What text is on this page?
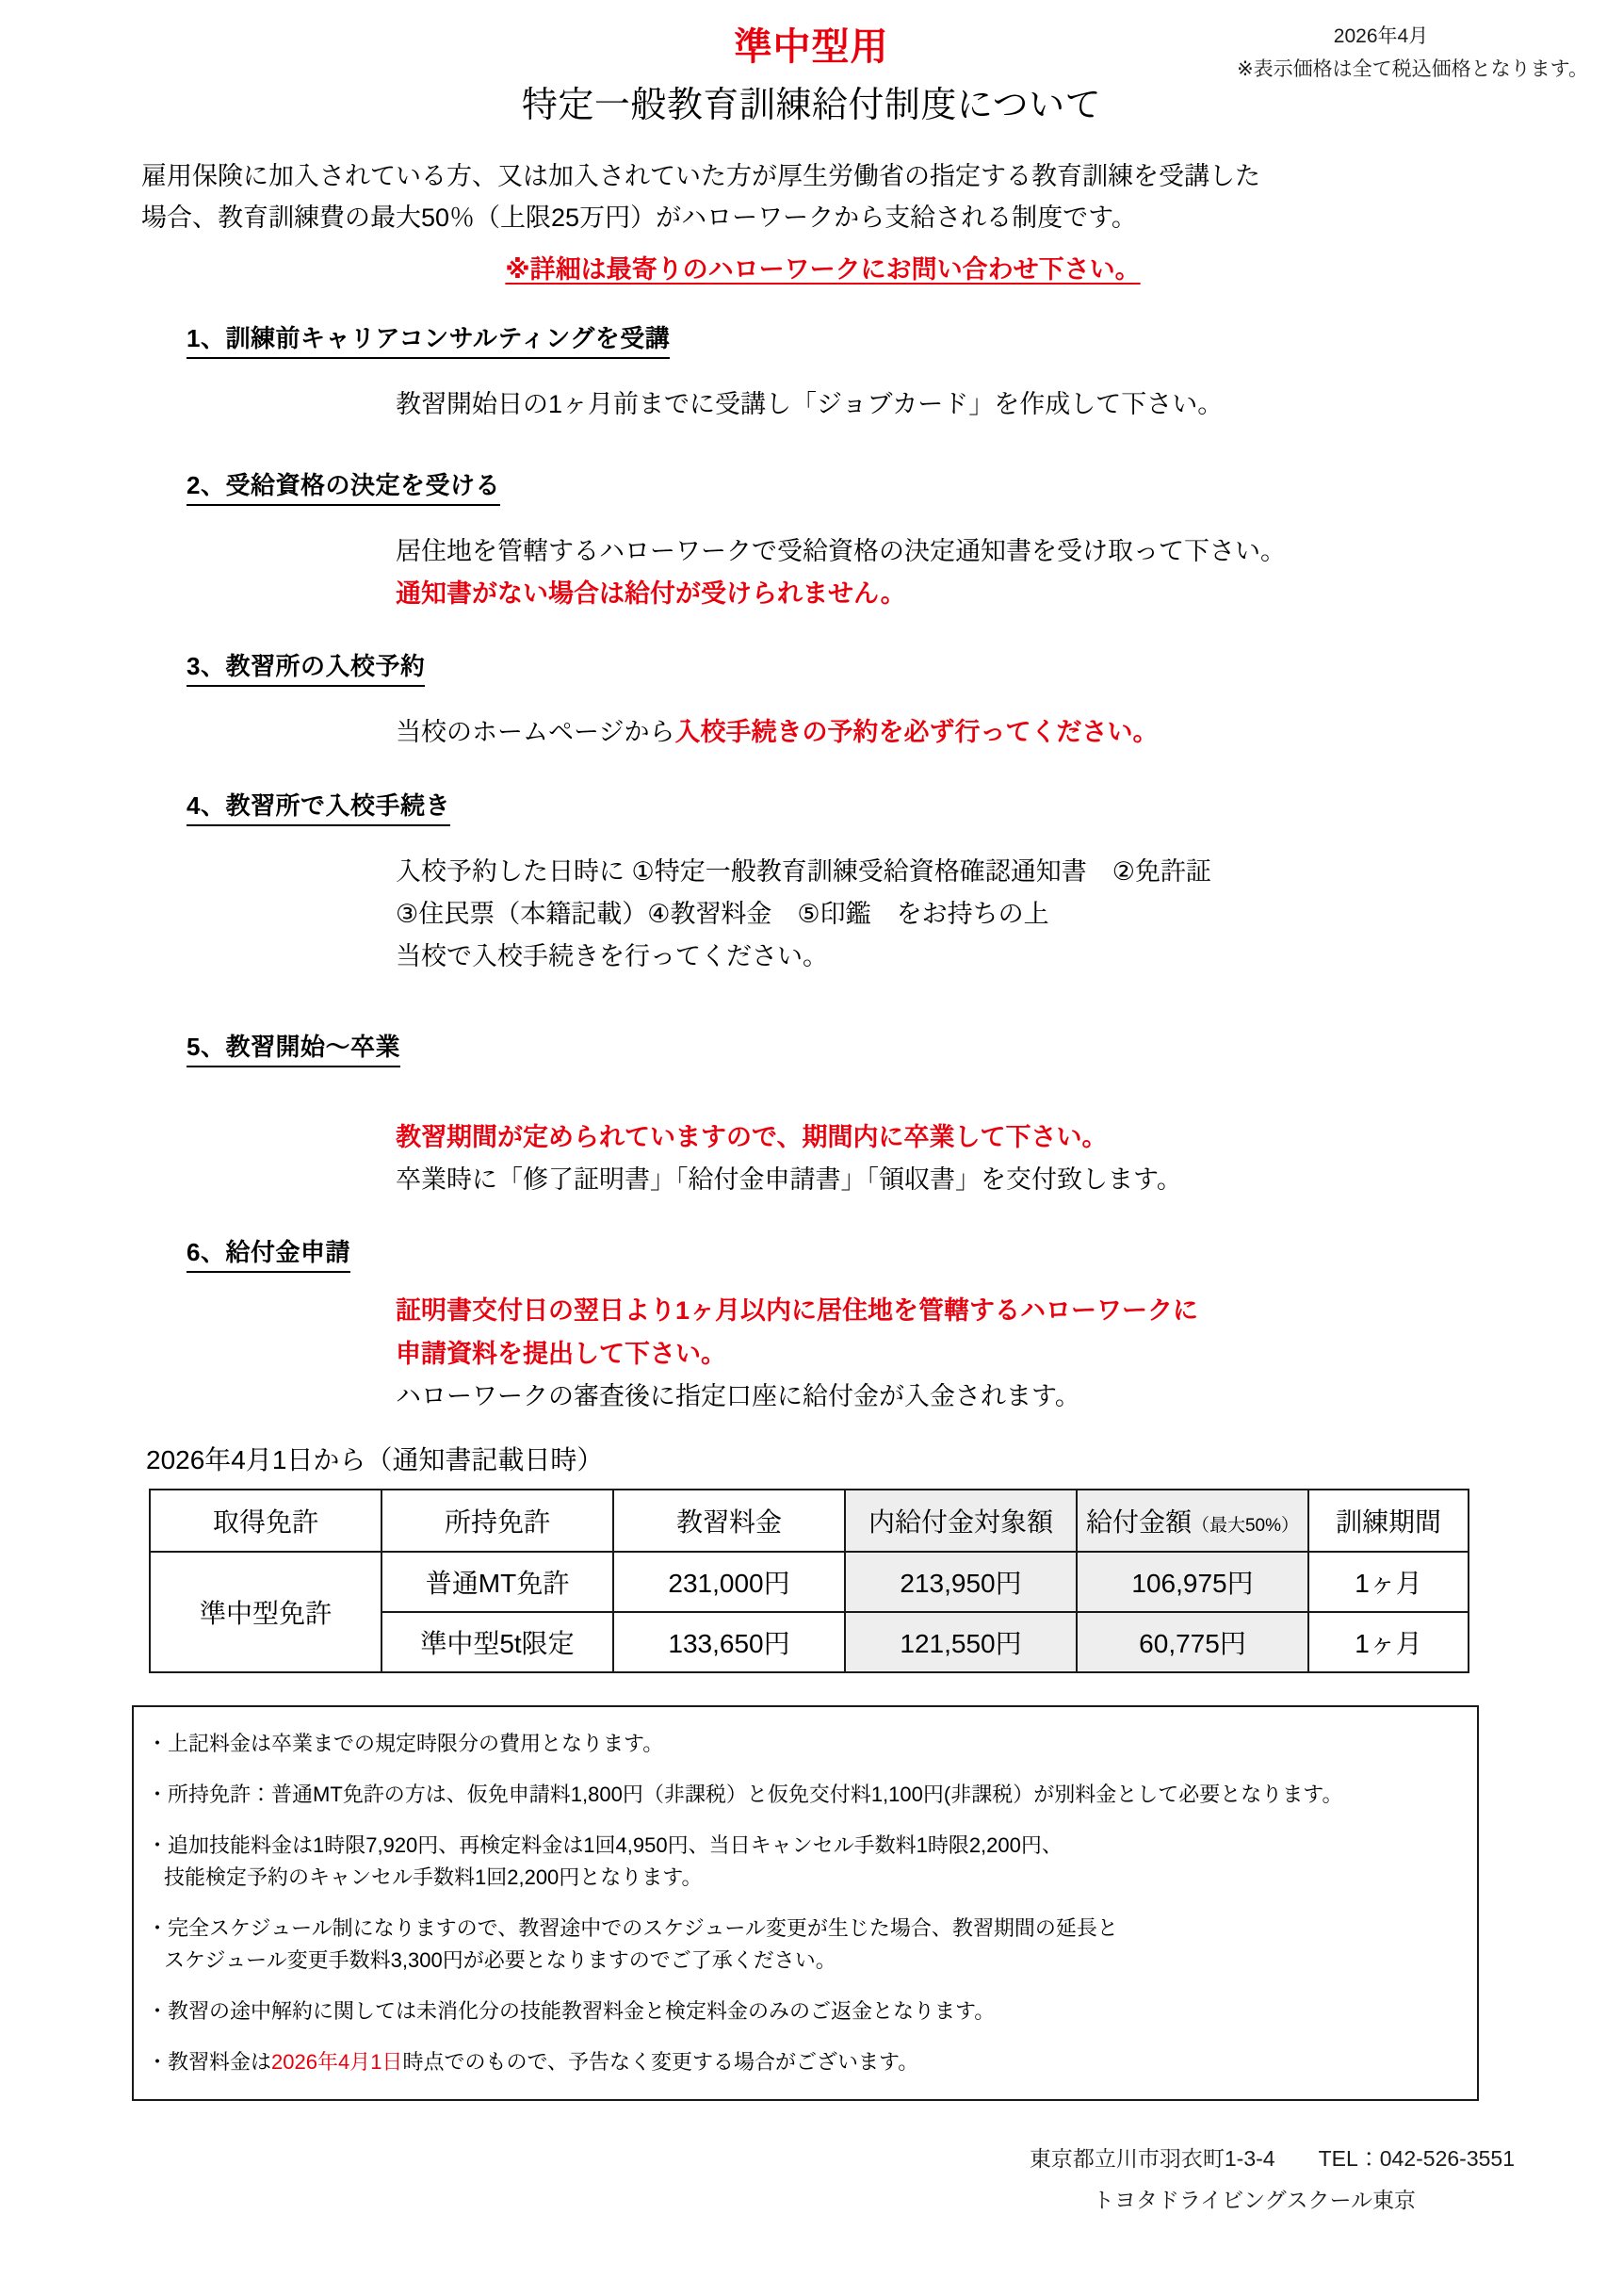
準中型用	2026年4月
※表示価格は全て税込価格となります。
特定一般教育訓練給付制度について

雇用保険に加入されている方、又は加入されていた方が厚生労働省の指定する教育訓練を受講した

場合、教育訓練費の最大50％（上限25万円）がハローワークから支給される制度です。

※詳細は最寄りのハローワークにお問い合わせ下さい。
1、訓練前キャリアコンサルティングを受講

教習開始日の1ヶ月前までに受講し「ジョブカード」を作成して下さい。

2、受給資格の決定を受ける

居住地を管轄するハローワークで受給資格の決定通知書を受け取って下さい。

通知書がない場合は給付が受けられません。

3、教習所の入校予約

当校のホームページから入校手続きの予約を必ず行ってください。

4、教習所で入校手続き

入校予約した日時に ①特定一般教育訓練受給資格確認通知書　②免許証

③住民票（本籍記載）④教習料金　⑤印鑑　をお持ちの上

当校で入校手続きを行ってください。

5、教習開始〜卒業

教習期間が定められていますので、期間内に卒業して下さい。

卒業時に「修了証明書」「給付金申請書」「領収書」を交付致します。

6、給付金申請

証明書交付日の翌日より1ヶ月以内に居住地を管轄するハローワークに

申請資料を提出して下さい。

ハローワークの審査後に指定口座に給付金が入金されます。

2026年4月1日から（通知書記載日時）
取得免許	所持免許	教習料金	内給付金対象額	給付金額（最大50%）	訓練期間
準中型免許	普通MT免許	231,000円	213,950円	106,975円	1ヶ月
	準中型5t限定	133,650円	121,550円	60,775円	1ヶ月
・上記料金は卒業までの規定時限分の費用となります。
・所持免許：普通MT免許の方は、仮免申請料1,800円（非課税）と仮免交付料1,100円(非課税）が別料金として必要となります。
・追加技能料金は1時限7,920円、再検定料金は1回4,950円、当日キャンセル手数料1時限2,200円、
技能検定予約のキャンセル手数料1回2,200円となります。
・完全スケジュール制になりますので、教習途中でのスケジュール変更が生じた場合、教習期間の延長と
スケジュール変更手数料3,300円が必要となりますのでご了承ください。
・教習の途中解約に関しては未消化分の技能教習料金と検定料金のみのご返金となります。
・教習料金は2026年4月1日時点でのもので、予告なく変更する場合がございます。
東京都立川市羽衣町1-3-4　　TEL：042-526-3551
トヨタドライビングスクール東京
